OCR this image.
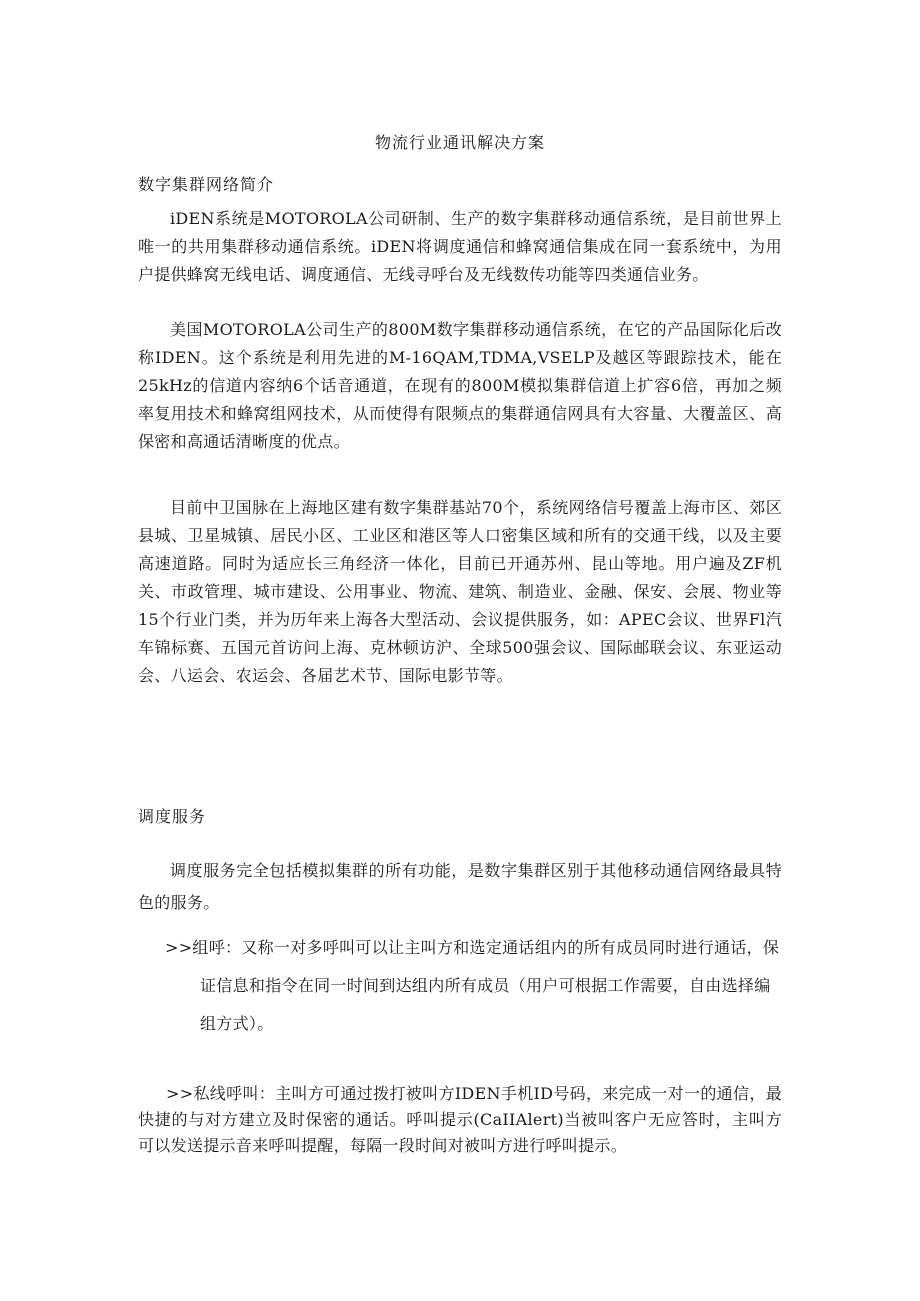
物流行业通讯解决方案
数字集群网络简介

iDEN系统是MOTOROLA公司研制、生产的数字集群移动通信系统，是目前世界上唯一的共用集群移动通信系统。iDEN将调度通信和蜂窝通信集成在同一套系统中，为用户提供蜂窝无线电话、调度通信、无线寻呼台及无线数传功能等四类通信业务。

美国MOTOROLA公司生产的800M数字集群移动通信系统，在它的产品国际化后改称IDEN。这个系统是利用先进的M-16QAM,TDMA,VSELP及越区等跟踪技术，能在25kHz的信道内容纳6个话音通道，在现有的800M模拟集群信道上扩容6倍，再加之频率复用技术和蜂窝组网技术，从而使得有限频点的集群通信网具有大容量、大覆盖区、高保密和高通话清晰度的优点。

目前中卫国脉在上海地区建有数字集群基站70个，系统网络信号覆盖上海市区、郊区县城、卫星城镇、居民小区、工业区和港区等人口密集区域和所有的交通干线，以及主要高速道路。同时为适应长三角经济一体化，目前已开通苏州、昆山等地。用户遍及ZF机关、市政管理、城市建设、公用事业、物流、建筑、制造业、金融、保安、会展、物业等15个行业门类，并为历年来上海各大型活动、会议提供服务，如：APEC会议、世界Fl汽车锦标赛、五国元首访问上海、克林顿访沪、全球500强会议、国际邮联会议、东亚运动会、八运会、农运会、各届艺术节、国际电影节等。

调度服务

调度服务完全包括模拟集群的所有功能，是数字集群区别于其他移动通信网络最具特色的服务。

>>组呼：又称一对多呼叫可以让主叫方和选定通话组内的所有成员同时进行通话，保证信息和指令在同一时间到达组内所有成员（用户可根据工作需要，自由选择编组方式）。

>>私线呼叫：主叫方可通过拨打被叫方IDEN手机ID号码，来完成一对一的通信，最快捷的与对方建立及时保密的通话。呼叫提示(CaIIAlert)当被叫客户无应答时，主叫方可以发送提示音来呼叫提醒，每隔一段时间对被叫方进行呼叫提示。
